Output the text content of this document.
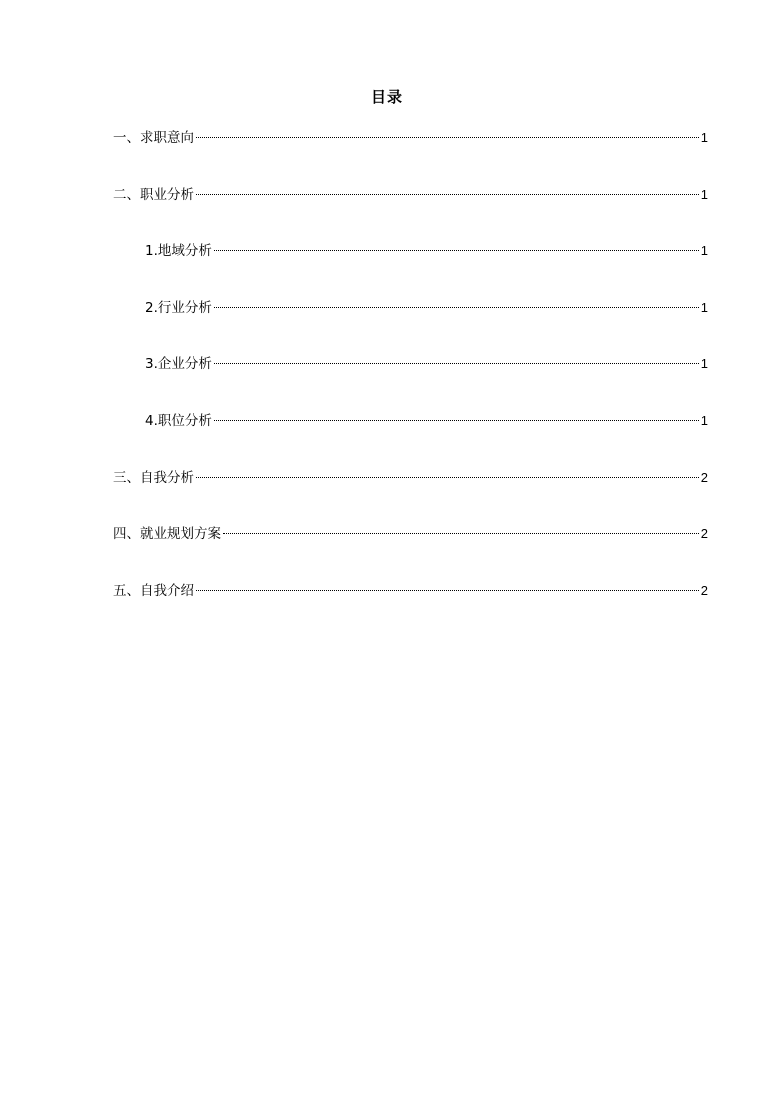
目录
一、求职意向	1
二、职业分析	1
1.地域分析	1
2.行业分析	1
3.企业分析	1
4.职位分析	1
三、自我分析	2
四、就业规划方案	2
五、自我介绍	2
